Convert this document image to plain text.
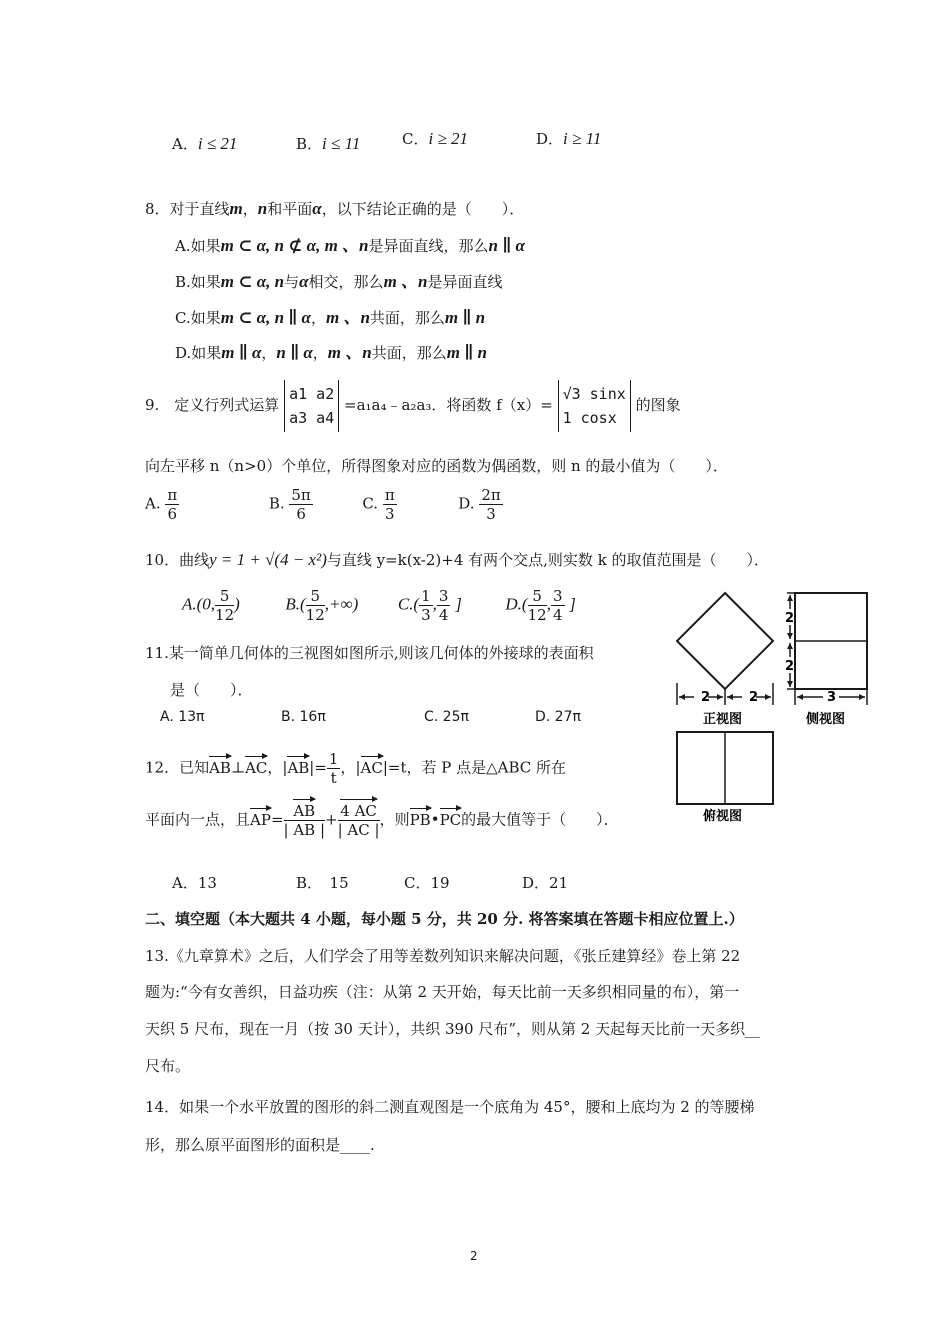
A．i ≤ 21	B．i ≤ 11	C．i ≥ 21	D．i ≥ 11
8．对于直线m，n和平面α，以下结论正确的是（　　）．
A.如果m ⊂ α, n ⊄ α, m 、n是异面直线，那么n ∥ α
B.如果m ⊂ α, n与α相交，那么m 、n是异面直线
C.如果m ⊂ α, n ∥ α，m 、n共面，那么m ∥ n
D.如果m ∥ α，n ∥ α，m 、n共面，那么m ∥ n
9.　定义行列式运算 a1 a2
a3 a4 =a₁a₄﹣a₂a₃．将函数 f（x）= √3 sinx
1 cosx 的图象
向左平移 n（n>0）个单位，所得图象对应的函数为偶函数，则 n 的最小值为（　　）．
A. $\frac{\pi}{6}$	B. $\frac{5\pi}{6}$	C. $\frac{\pi}{3}$	D. $\frac{2\pi}{3}$
10．曲线y = 1 + √(4 − x²)与直线 y=k(x-2)+4 有两个交点,则实数 k 的取值范围是（　　）．
A.(0, $\frac{5}{12}$ )	$B.( \frac{5}{12}$ ,+∞) $C.( \frac{1}{3}$ , $\frac{3}{4}$ ]	$D.( \frac{5}{12}$ , $\frac{3}{4}$ ]
11.某一简单几何体的三视图如图所示,则该几何体的外接球的表面积
是（　　）．
A. 13π	B. 16π	C. 25π	D. 27π
2	2
正视图
2
2
3
侧视图
俯视图
12．已知AB⊥AC，$|AB|= \frac{1}{t}$ ，|AC|=t，若 P 点是△ABC 所在
平面内一点，且$AP= \frac{AB}{| AB |} + \frac{4 AC}{| AC |}$ ，则PB•PC的最大值等于（　　）．
A．13	B．　15	C．19	D．21
二、填空题（本大题共 4 小题，每小题 5 分，共 20 分. 将答案填在答题卡相应位置上.）
13.《九章算术》之后，人们学会了用等差数列知识来解决问题，《张丘建算经》卷上第 22
题为:“今有女善织，日益功疾（注：从第 2 天开始，每天比前一天多织相同量的布），第一
天织 5 尺布，现在一月（按 30 天计），共织 390 尺布”，则从第 2 天起每天比前一天多织__
尺布。
14．如果一个水平放置的图形的斜二测直观图是一个底角为 45°，腰和上底均为 2 的等腰梯
形，那么原平面图形的面积是____.
2
